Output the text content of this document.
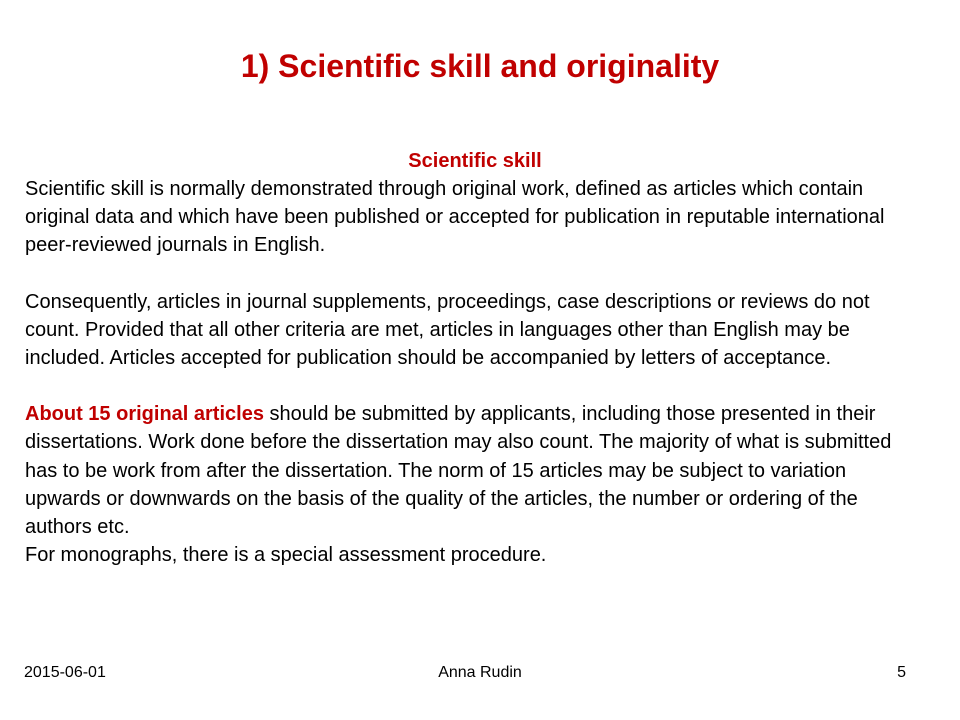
1) Scientific skill and originality
Scientific skill

Scientific skill is normally demonstrated through original work, defined as articles which contain original data and which have been published or accepted for publication in reputable international peer-reviewed journals in English.

Consequently, articles in journal supplements, proceedings, case descriptions or reviews do not count. Provided that all other criteria are met, articles in languages other than English may be included. Articles accepted for publication should be accompanied by letters of acceptance.

About 15 original articles should be submitted by applicants, including those presented in their dissertations. Work done before the dissertation may also count. The majority of what is submitted has to be work from after the dissertation. The norm of 15 articles may be subject to variation upwards or downwards on the basis of the quality of the articles, the number or ordering of the authors etc.

For monographs, there is a special assessment procedure.

2015-06-01	Anna Rudin	5
